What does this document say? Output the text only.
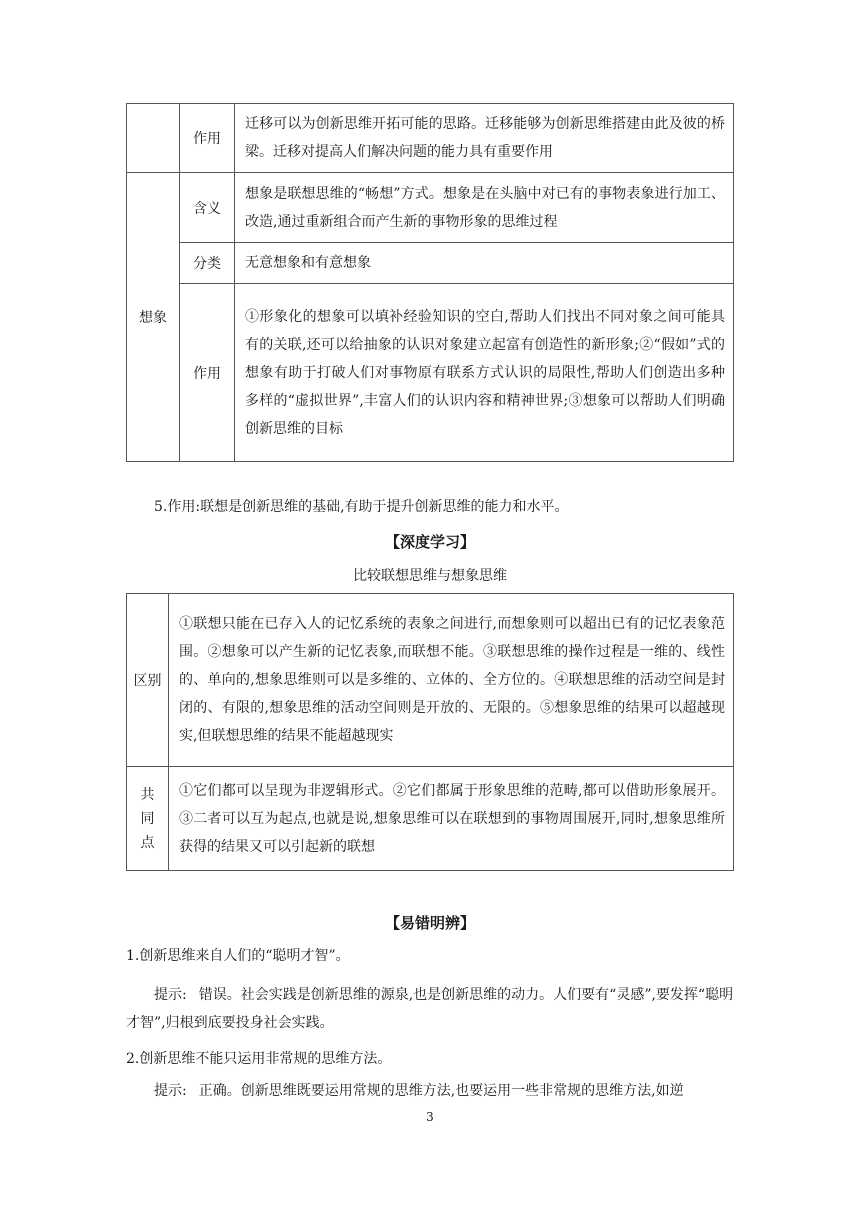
	作用	迁移可以为创新思维开拓可能的思路。迁移能够为创新思维搭建由此及彼的桥梁。迁移对提高人们解决问题的能力具有重要作用
想象	含义	想象是联想思维的“畅想”方式。想象是在头脑中对已有的事物表象进行加工、改造,通过重新组合而产生新的事物形象的思维过程
	分类	无意想象和有意想象
	作用	①形象化的想象可以填补经验知识的空白,帮助人们找出不同对象之间可能具有的关联,还可以给抽象的认识对象建立起富有创造性的新形象;②“假如”式的想象有助于打破人们对事物原有联系方式认识的局限性,帮助人们创造出多种多样的“虚拟世界”,丰富人们的认识内容和精神世界;③想象可以帮助人们明确创新思维的目标
5.作用:联想是创新思维的基础,有助于提升创新思维的能力和水平。
【深度学习】
比较联想思维与想象思维
区别	①联想只能在已存入人的记忆系统的表象之间进行,而想象则可以超出已有的记忆表象范围。②想象可以产生新的记忆表象,而联想不能。③联想思维的操作过程是一维的、线性的、单向的,想象思维则可以是多维的、立体的、全方位的。④联想思维的活动空间是封闭的、有限的,想象思维的活动空间则是开放的、无限的。⑤想象思维的结果可以超越现实,但联想思维的结果不能超越现实
共同点	①它们都可以呈现为非逻辑形式。②它们都属于形象思维的范畴,都可以借助形象展开。③二者可以互为起点,也就是说,想象思维可以在联想到的事物周围展开,同时,想象思维所获得的结果又可以引起新的联想
【易错明辨】
1.创新思维来自人们的“聪明才智”。
提示: 错误。社会实践是创新思维的源泉,也是创新思维的动力。人们要有“灵感”,要发挥“聪明才智”,归根到底要投身社会实践。
2.创新思维不能只运用非常规的思维方法。
提示: 正确。创新思维既要运用常规的思维方法,也要运用一些非常规的思维方法,如逆
3
